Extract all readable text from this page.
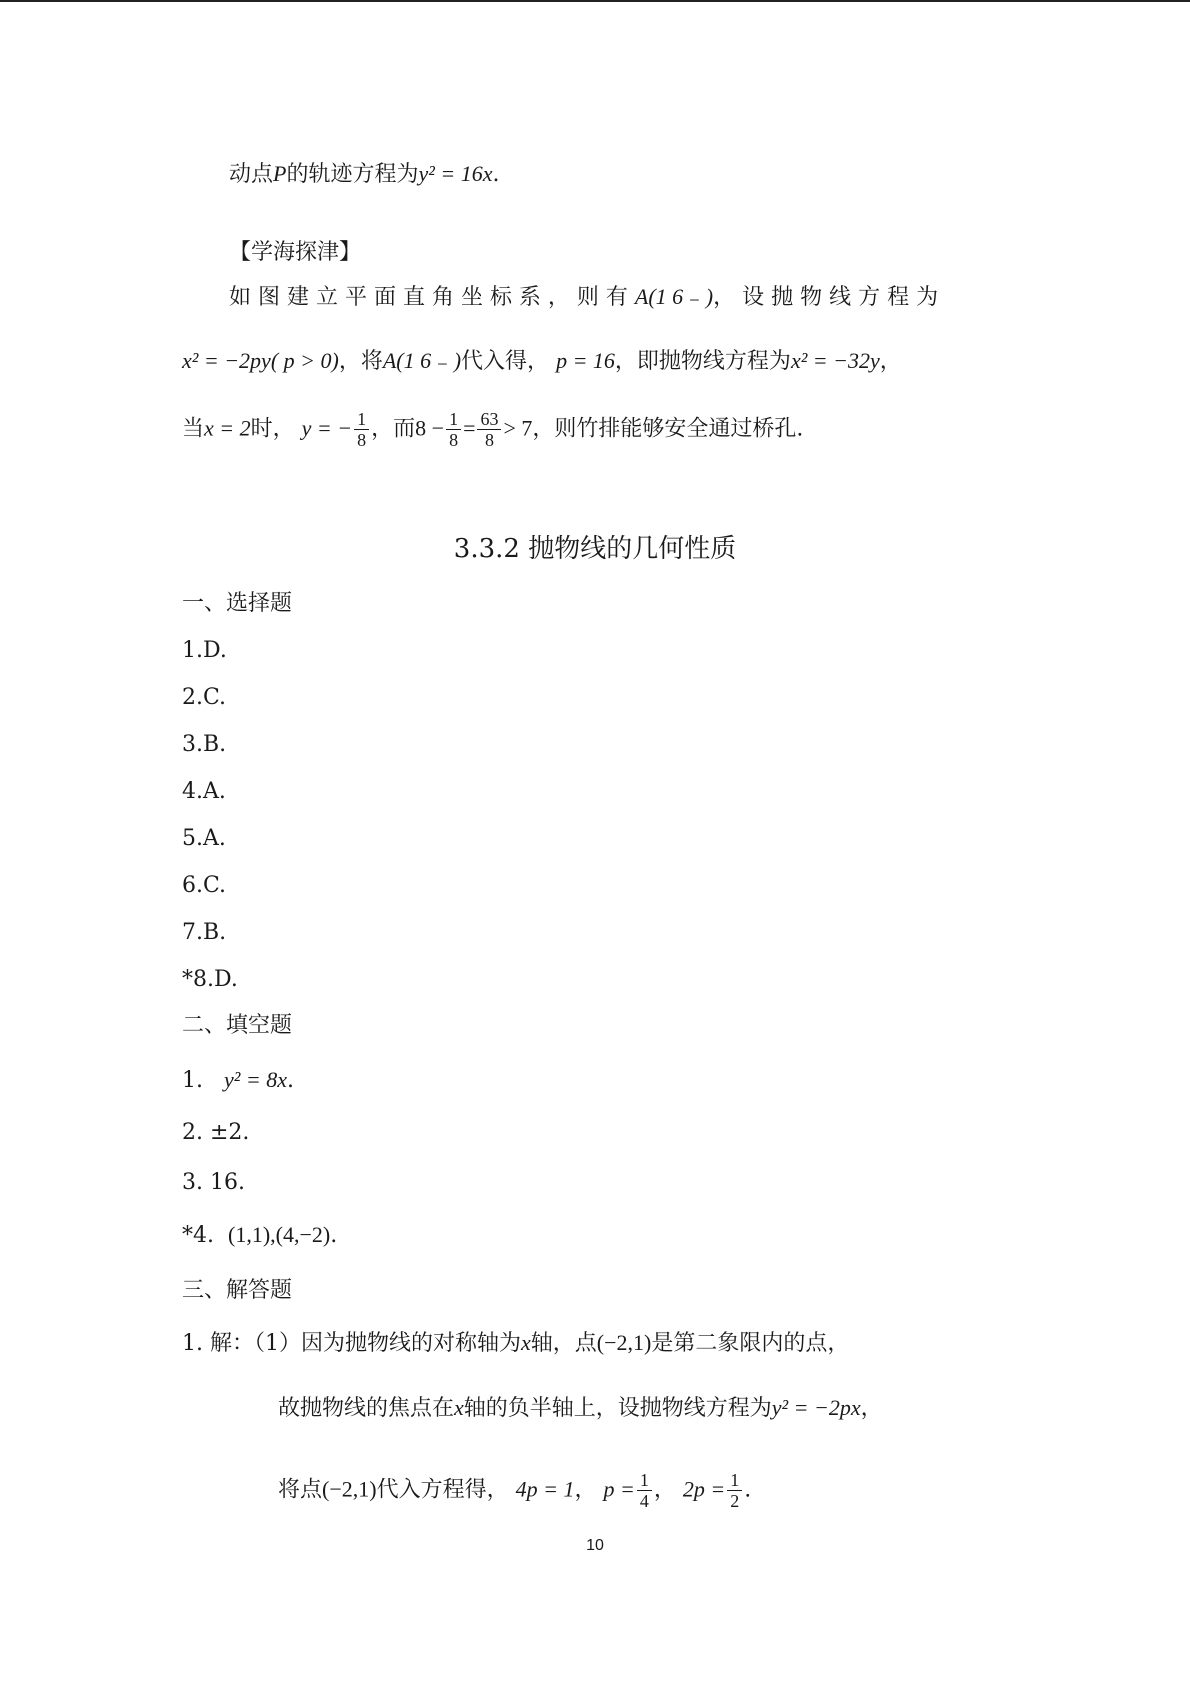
动点P的轨迹方程为y² = 16x.
【学海探津】
如 图 建 立 平 面 直 角 坐 标 系 ， 则 有 A(1 6 ₋ )， 设 抛 物 线 方 程 为
x² = −2py( p > 0)，将A(1 6 ₋ )代入得， p = 16，即抛物线方程为x² = −32y，
当x = 2时， y = − $\frac{1}{8}$ ，而$8 - \frac{1}{8} = \frac{63}{8} > 7$，则竹排能够安全通过桥孔.
3.3.2 抛物线的几何性质
一、选择题
1.D.
2.C.
3.B.
4.A.
5.A.
6.C.
7.B.
*8.D.
二、填空题
1. y² = 8x.
2. ±2.
3. 16.
*4. (1,1),(4,−2).
三、解答题
1. 解：（1）因为抛物线的对称轴为x轴，点(−2,1)是第二象限内的点，
故抛物线的焦点在x轴的负半轴上，设抛物线方程为y² = −2px，
将点(−2,1)代入方程得， 4p = 1， $p = \frac{1}{4}$ ， $2p = \frac{1}{2}$ .
10
